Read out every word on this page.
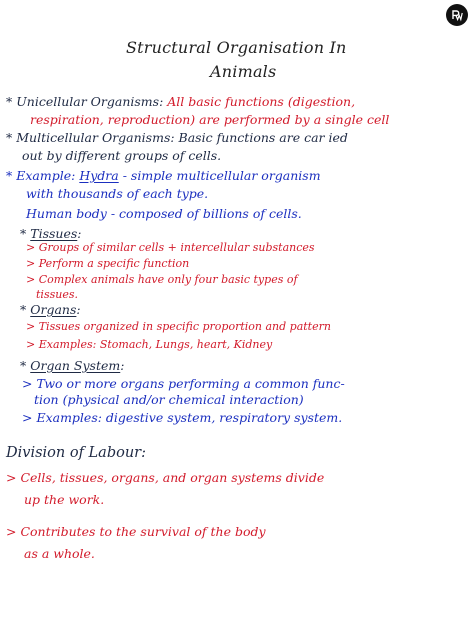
Structural Organisation In
Animals
* Unicellular Organisms: All basic functions (digestion,
respiration, reproduction) are performed by a single cell
* Multicellular Organisms: Basic functions are car ied
out by different groups of cells.
* Example: Hydra - simple multicellular organism
with thousands of each type.
Human body - composed of billions of cells.
* Tissues:
> Groups of similar cells + intercellular substances
> Perform a specific function
> Complex animals have only four basic types of
tissues.
* Organs:
> Tissues organized in specific proportion and pattern
> Examples: Stomach, Lungs, heart, Kidney
* Organ System:
> Two or more organs performing a common func-
tion (physical and/or chemical interaction)
> Examples: digestive system, respiratory system.
Division of Labour:
> Cells, tissues, organs, and organ systems divide
up the work.
> Contributes to the survival of the body
as a whole.
